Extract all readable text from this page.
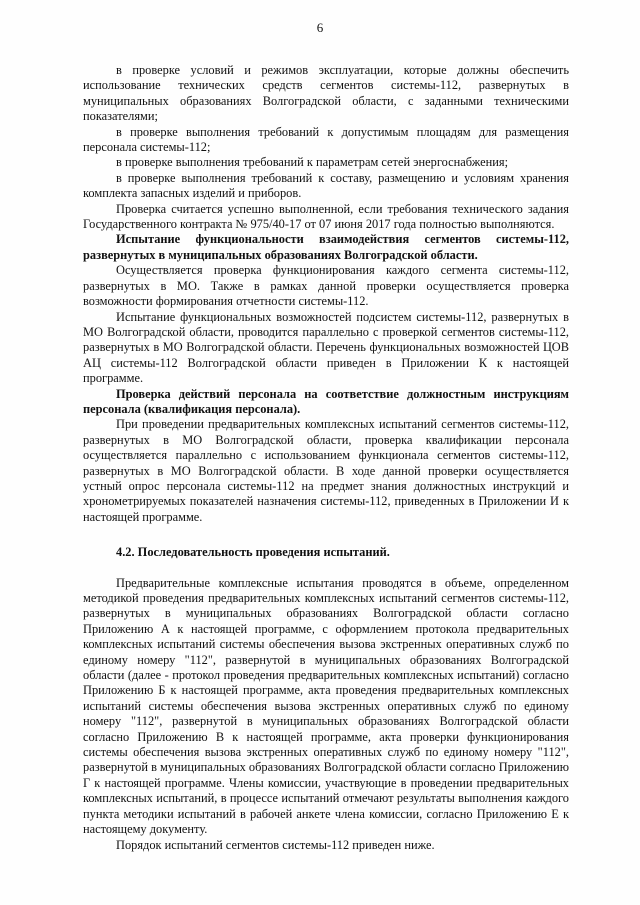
6

в проверке условий и режимов эксплуатации, которые должны обеспечить использование технических средств сегментов системы-112, развернутых в муниципальных образованиях Волгоградской области, с заданными техническими показателями;

в проверке выполнения требований к допустимым площадям для размещения персонала системы-112;

в проверке выполнения требований к параметрам сетей энергоснабжения;

в проверке выполнения требований к составу, размещению и условиям хранения комплекта запасных изделий и приборов.

Проверка считается успешно выполненной, если требования технического задания Государственного контракта № 975/40-17 от 07 июня 2017 года полностью выполняются.

Испытание функциональности взаимодействия сегментов системы-112, развернутых в муниципальных образованиях Волгоградской области.

Осуществляется проверка функционирования каждого сегмента системы-112, развернутых в МО. Также в рамках данной проверки осуществляется проверка возможности формирования отчетности системы-112.

Испытание функциональных возможностей подсистем системы-112, развернутых в МО Волгоградской области, проводится параллельно с проверкой сегментов системы-112, развернутых в МО Волгоградской области. Перечень функциональных возможностей ЦОВ АЦ системы-112 Волгоградской области приведен в Приложении К к настоящей программе.

Проверка действий персонала на соответствие должностным инструкциям персонала (квалификация персонала).

При проведении предварительных комплексных испытаний сегментов системы-112, развернутых в МО Волгоградской области, проверка квалификации персонала осуществляется параллельно с использованием функционала сегментов системы-112, развернутых в МО Волгоградской области. В ходе данной проверки осуществляется устный опрос персонала системы-112 на предмет знания должностных инструкций и хронометрируемых показателей назначения системы-112, приведенных в Приложении И к настоящей программе.

4.2. Последовательность проведения испытаний.

Предварительные комплексные испытания проводятся в объеме, определенном методикой проведения предварительных комплексных испытаний сегментов системы-112, развернутых в муниципальных образованиях Волгоградской области согласно Приложению А к настоящей программе, с оформлением протокола предварительных комплексных испытаний системы обеспечения вызова экстренных оперативных служб по единому номеру "112", развернутой в муниципальных образованиях Волгоградской области (далее - протокол проведения предварительных комплексных испытаний) согласно Приложению Б к настоящей программе, акта проведения предварительных комплексных испытаний системы обеспечения вызова экстренных оперативных служб по единому номеру "112", развернутой в муниципальных образованиях Волгоградской области согласно Приложению В к настоящей программе, акта проверки функционирования системы обеспечения вызова экстренных оперативных служб по единому номеру "112", развернутой в муниципальных образованиях Волгоградской области согласно Приложению Г к настоящей программе. Члены комиссии, участвующие в проведении предварительных комплексных испытаний, в процессе испытаний отмечают результаты выполнения каждого пункта методики испытаний в рабочей анкете члена комиссии, согласно Приложению Е к настоящему документу.

Порядок испытаний сегментов системы-112 приведен ниже.
